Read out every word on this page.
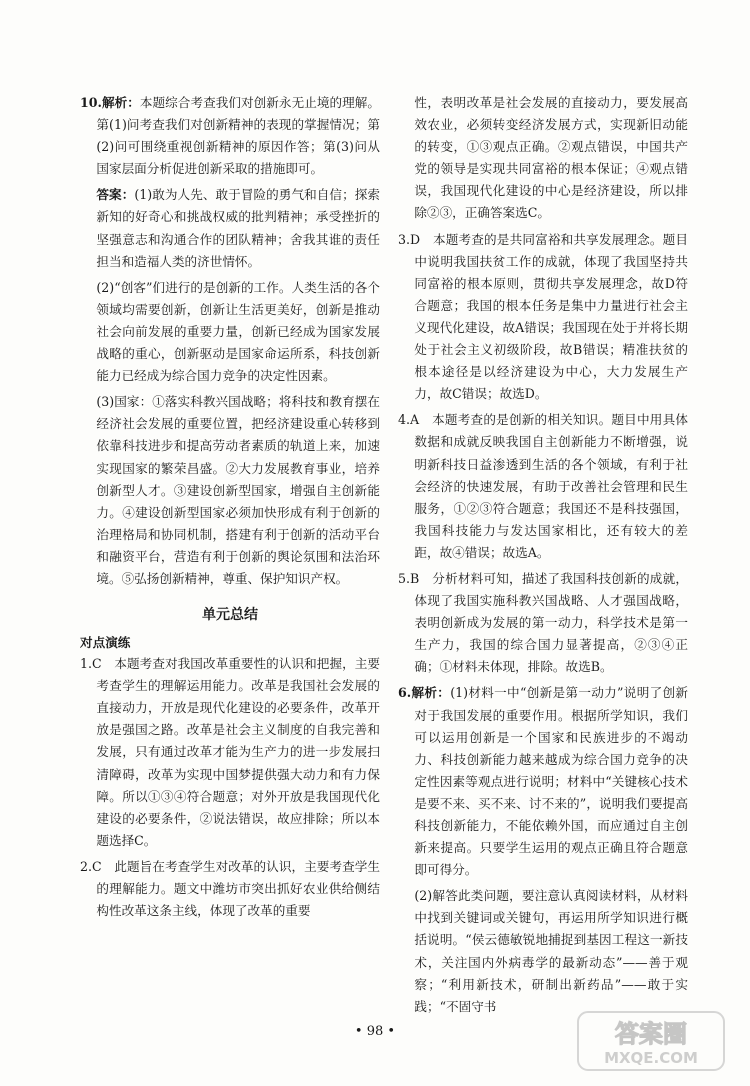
10.解析：本题综合考查我们对创新永无止境的理解。第(1)问考查我们对创新精神的表现的掌握情况；第(2)问可围绕重视创新精神的原因作答；第(3)问从国家层面分析促进创新采取的措施即可。

答案：(1)敢为人先、敢于冒险的勇气和自信；探索新知的好奇心和挑战权威的批判精神；承受挫折的坚强意志和沟通合作的团队精神；舍我其谁的责任担当和造福人类的济世情怀。

(2)“创客”们进行的是创新的工作。人类生活的各个领域均需要创新，创新让生活更美好，创新是推动社会向前发展的重要力量，创新已经成为国家发展战略的重心，创新驱动是国家命运所系，科技创新能力已经成为综合国力竞争的决定性因素。

(3)国家：①落实科教兴国战略；将科技和教育摆在经济社会发展的重要位置，把经济建设重心转移到依靠科技进步和提高劳动者素质的轨道上来，加速实现国家的繁荣昌盛。②大力发展教育事业，培养创新型人才。③建设创新型国家，增强自主创新能力。④建设创新型国家必须加快形成有利于创新的治理格局和协同机制，搭建有利于创新的活动平台和融资平台，营造有利于创新的舆论氛围和法治环境。⑤弘扬创新精神，尊重、保护知识产权。

单元总结
对点演练

1.C　本题考查对我国改革重要性的认识和把握，主要考查学生的理解运用能力。改革是我国社会发展的直接动力，开放是现代化建设的必要条件，改革开放是强国之路。改革是社会主义制度的自我完善和发展，只有通过改革才能为生产力的进一步发展扫清障碍，改革为实现中国梦提供强大动力和有力保障。所以①③④符合题意；对外开放是我国现代化建设的必要条件，②说法错误，故应排除；所以本题选择C。

2.C　此题旨在考查学生对改革的认识，主要考查学生的理解能力。题文中潍坊市突出抓好农业供给侧结构性改革这条主线，体现了改革的重要

性，表明改革是社会发展的直接动力，要发展高效农业，必须转变经济发展方式，实现新旧动能的转变，①③观点正确。②观点错误，中国共产党的领导是实现共同富裕的根本保证；④观点错误，我国现代化建设的中心是经济建设，所以排除②③，正确答案选C。

3.D　本题考查的是共同富裕和共享发展理念。题目中说明我国扶贫工作的成就，体现了我国坚持共同富裕的根本原则，贯彻共享发展理念，故D符合题意；我国的根本任务是集中力量进行社会主义现代化建设，故A错误；我国现在处于并将长期处于社会主义初级阶段，故B错误；精准扶贫的根本途径是以经济建设为中心，大力发展生产力，故C错误；故选D。

4.A　本题考查的是创新的相关知识。题目中用具体数据和成就反映我国自主创新能力不断增强，说明新科技日益渗透到生活的各个领域，有利于社会经济的快速发展，有助于改善社会管理和民生服务，①②③符合题意；我国还不是科技强国，我国科技能力与发达国家相比，还有较大的差距，故④错误；故选A。

5.B　分析材料可知，描述了我国科技创新的成就，体现了我国实施科教兴国战略、人才强国战略，表明创新成为发展的第一动力，科学技术是第一生产力，我国的综合国力显著提高，②③④正确；①材料未体现，排除。故选B。

6.解析：(1)材料一中“创新是第一动力”说明了创新对于我国发展的重要作用。根据所学知识，我们可以运用创新是一个国家和民族进步的不竭动力、科技创新能力越来越成为综合国力竞争的决定性因素等观点进行说明；材料中“关键核心技术是要不来、买不来、讨不来的”，说明我们要提高科技创新能力，不能依赖外国，而应通过自主创新来提高。只要学生运用的观点正确且符合题意即可得分。

(2)解答此类问题，要注意认真阅读材料，从材料中找到关键词或关键句，再运用所学知识进行概括说明。“侯云德敏锐地捕捉到基因工程这一新技术，关注国内外病毒学的最新动态”——善于观察；“利用新技术，研制出新药品”——敢于实践；“不固守书

• 98 •	答案圈
MXQE.COM
